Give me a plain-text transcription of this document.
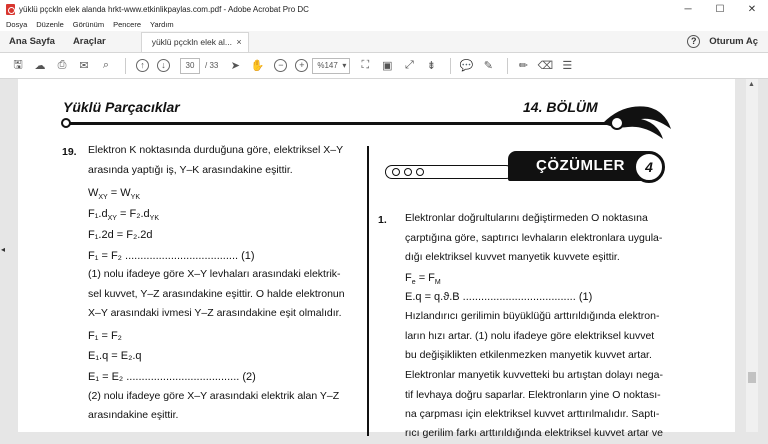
yüklü pçckln elek alanda hrkt-www.etkinlikpaylas.com.pdf - Adobe Acrobat Pro DC	─	☐	✕
Dosya Düzenle Görünüm Pencere Yardım
Ana Sayfa	Araçlar	yüklü pçckln elek al... ×	?	Oturum Aç
🖫	☁	⎙	✉	⌕	↑	↓	30	/ 33	➤ ✋	−	+	%147 ▾	⛶	▣	⤢	⇟	💬 ✎	✏ ⌫ ☰
◂
Yüklü Parçacıklar	14. BÖLÜM
19. Elektron K noktasında durduğuna göre, elektriksel X–Y
arasında yaptığı iş, Y–K arasındakine eşittir.
$W_{XY} = W_{YK}$
$F_1.d_{XY} = F_2.d_{YK}$
F₁.2d = F₂.2d
F₁ = F₂ ..................................... (1)
(1) nolu ifadeye göre X–Y levhaları arasındaki elektrik-
sel kuvvet, Y–Z arasındakine eşittir. O halde elektronun
X–Y arasındaki ivmesi Y–Z arasındakine eşit olmalıdır.
F₁ = F₂
E₁.q = E₂.q
E₁ = E₂ ..................................... (2)
(2) nolu ifadeye göre X–Y arasındaki elektrik alan Y–Z
arasındakine eşittir.
ÇÖZÜMLER	4
1. Elektronlar doğrultularını değiştirmeden O noktasına
çarptığına göre, saptırıcı levhaların elektronlara uygula-
dığı elektriksel kuvvet manyetik kuvvete eşittir.
$F_e = F_M$
E.q = q.ϑ.B ..................................... (1)
Hızlandırıcı gerilimin büyüklüğü arttırıldığında elektron-
ların hızı artar. (1) nolu ifadeye göre elektriksel kuvvet
bu değişiklikten etkilenmezken manyetik kuvvet artar.
Elektronlar manyetik kuvvetteki bu artıştan dolayı nega-
tif levhaya doğru saparlar. Elektronların yine O noktası-
na çarpması için elektriksel kuvvet arttırılmalıdır. Saptı-
rıcı gerilim farkı arttırıldığında elektriksel kuvvet artar ve
▲
